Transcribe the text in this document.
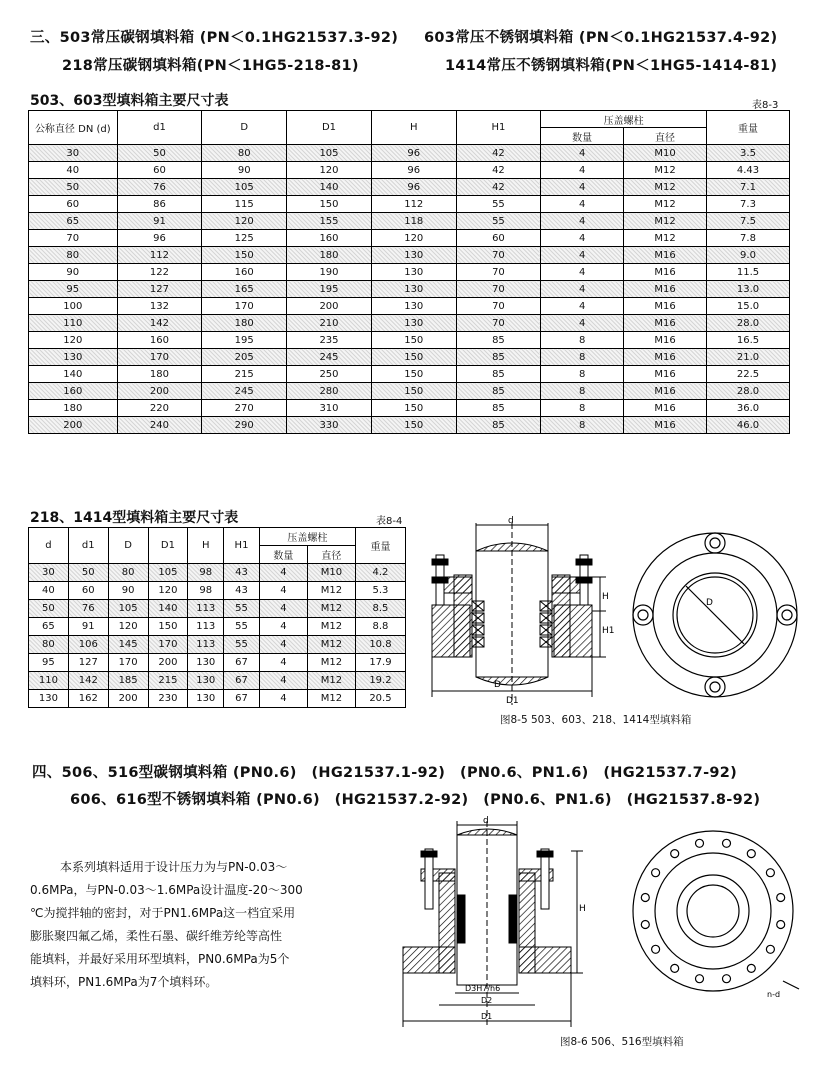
三、503常压碳钢填料箱 (PN＜0.1HG21537.3-92) 603常压不锈钢填料箱 (PN＜0.1HG21537.4-92)
218常压碳钢填料箱(PN＜1HG5-218-81)	1414常压不锈钢填料箱(PN＜1HG5-1414-81)
503、603型填料箱主要尺寸表	表8-3
公称直径 DN (d)	d1	D	D1	H	H1	压盖螺柱		重量
						数量	直径	
30	50	80	105	96	42	4	M10	3.5
40	60	90	120	96	42	4	M12	4.43
50	76	105	140	96	42	4	M12	7.1
60	86	115	150	112	55	4	M12	7.3
65	91	120	155	118	55	4	M12	7.5
70	96	125	160	120	60	4	M12	7.8
80	112	150	180	130	70	4	M16	9.0
90	122	160	190	130	70	4	M16	11.5
95	127	165	195	130	70	4	M16	13.0
100	132	170	200	130	70	4	M16	15.0
110	142	180	210	130	70	4	M16	28.0
120	160	195	235	150	85	8	M16	16.5
130	170	205	245	150	85	8	M16	21.0
140	180	215	250	150	85	8	M16	22.5
160	200	245	280	150	85	8	M16	28.0
180	220	270	310	150	85	8	M16	36.0
200	240	290	330	150	85	8	M16	46.0
218、1414型填料箱主要尺寸表	表8-4
d	d1	D	D1	H	H1	压盖螺柱		重量
						数量	直径	
30	50	80	105	98	43	4	M10	4.2
40	60	90	120	98	43	4	M12	5.3
50	76	105	140	113	55	4	M12	8.5
65	91	120	150	113	55	4	M12	8.8
80	106	145	170	113	55	4	M12	10.8
95	127	170	200	130	67	4	M12	17.9
110	142	185	215	130	67	4	M12	19.2
130	162	200	230	130	67	4	M12	20.5
d
D
D1
H
H1
D
图8-5 503、603、218、1414型填料箱
四、506、516型碳钢填料箱 (PN0.6)　(HG21537.1-92)　(PN0.6、PN1.6)　(HG21537.7-92)
606、616型不锈钢填料箱 (PN0.6)　(HG21537.2-92)　(PN0.6、PN1.6)　(HG21537.8-92)
本系列填料适用于设计压力为与PN-0.03～
0.6MPa，与PN-0.03～1.6MPa设计温度-20～300
℃为搅拌轴的密封，对于PN1.6MPa这一档宜采用
膨胀聚四氟乙烯，柔性石墨、碳纤维芳纶等高性
能填料，并最好采用环型填料，PN0.6MPa为5个
填料环，PN1.6MPa为7个填料环。
d
H
D3H7/h6
D2
D1
n-d
图8-6 506、516型填料箱
